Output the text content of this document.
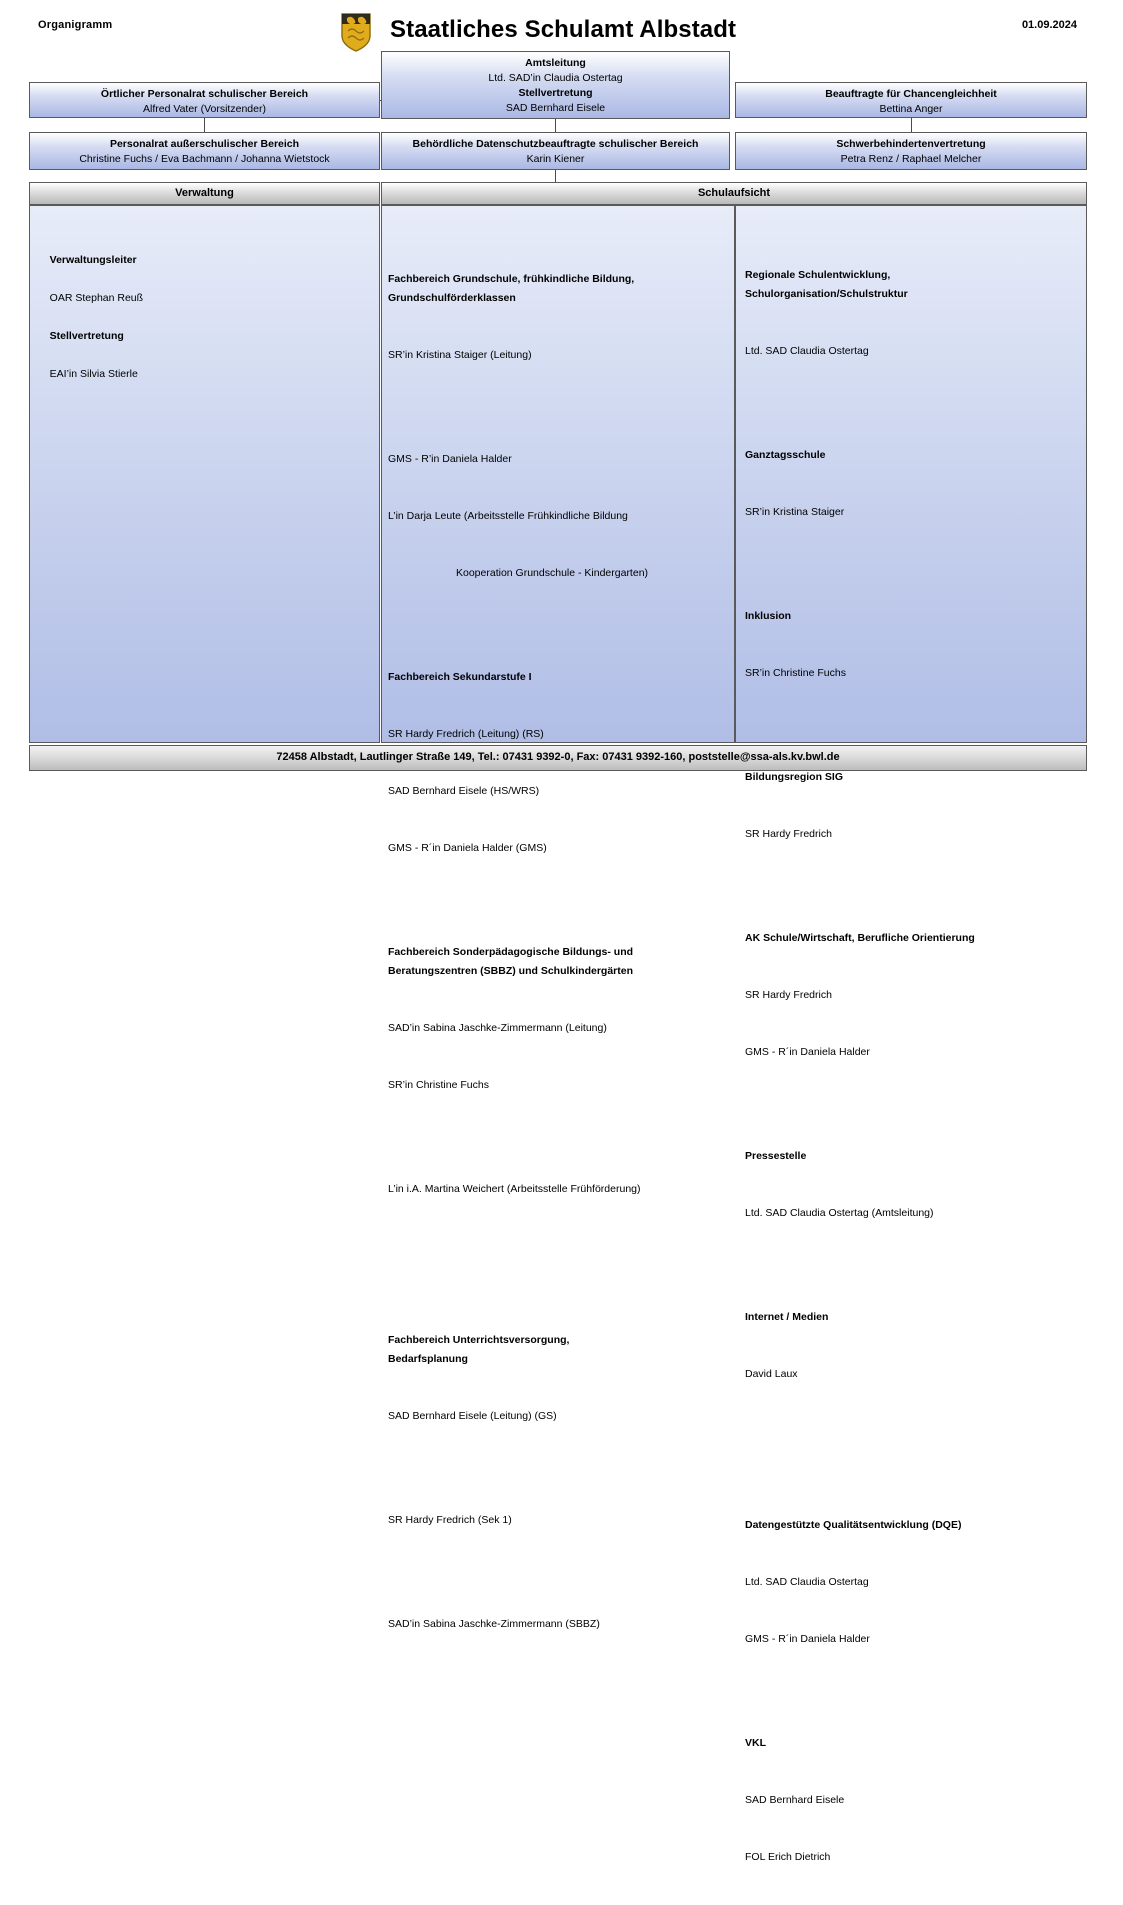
Organigramm	Staatliches Schulamt Albstadt	01.09.2024
Amtsleitung
Ltd. SAD’in Claudia Ostertag
Stellvertretung
SAD Bernhard Eisele
Örtlicher Personalrat schulischer Bereich
Alfred Vater (Vorsitzender)
Beauftragte für Chancengleichheit
Bettina Anger
Personalrat außerschulischer Bereich
Christine Fuchs / Eva Bachmann / Johanna Wietstock
Behördliche Datenschutzbeauftragte schulischer Bereich
Karin Kiener
Schwerbehindertenvertretung
Petra Renz / Raphael Melcher
Verwaltung	Schulaufsicht

Verwaltungsleiter

OAR Stephan Reuß

Stellvertretung

EAI’in Silvia Stierle

Fachbereich Grundschule, frühkindliche Bildung,
Grundschulförderklassen

SR’in Kristina Staiger (Leitung)

GMS - R’in Daniela Halder

L’in Darja Leute (Arbeitsstelle Frühkindliche Bildung

Kooperation Grundschule - Kindergarten)

Fachbereich Sekundarstufe I

SR Hardy Fredrich (Leitung) (RS)

SAD Bernhard Eisele (HS/WRS)

GMS - R´in Daniela Halder (GMS)

Fachbereich Sonderpädagogische Bildungs- und
Beratungszentren (SBBZ) und Schulkindergärten

SAD’in Sabina Jaschke-Zimmermann (Leitung)

SR’in Christine Fuchs

L’in i.A. Martina Weichert (Arbeitsstelle Frühförderung)

Fachbereich Unterrichtsversorgung,
Bedarfsplanung

SAD Bernhard Eisele (Leitung) (GS)

SR Hardy Fredrich (Sek 1)

SAD’in Sabina Jaschke-Zimmermann (SBBZ)

Regionale Schulentwicklung,
Schulorganisation/Schulstruktur

Ltd. SAD Claudia Ostertag

Ganztagsschule

SR’in Kristina Staiger

Inklusion

SR’in Christine Fuchs

Bildungsregion SIG

SR Hardy Fredrich

AK Schule/Wirtschaft, Berufliche Orientierung

SR Hardy Fredrich

GMS - R´in Daniela Halder

Pressestelle

Ltd. SAD Claudia Ostertag (Amtsleitung)

Internet / Medien

David Laux

Datengestützte Qualitätsentwicklung (DQE)

Ltd. SAD Claudia Ostertag

GMS - R´in Daniela Halder

VKL

SAD Bernhard Eisele

FOL Erich Dietrich

72458 Albstadt, Lautlinger Straße 149, Tel.: 07431 9392-0, Fax: 07431 9392-160, poststelle@ssa-als.kv.bwl.de
